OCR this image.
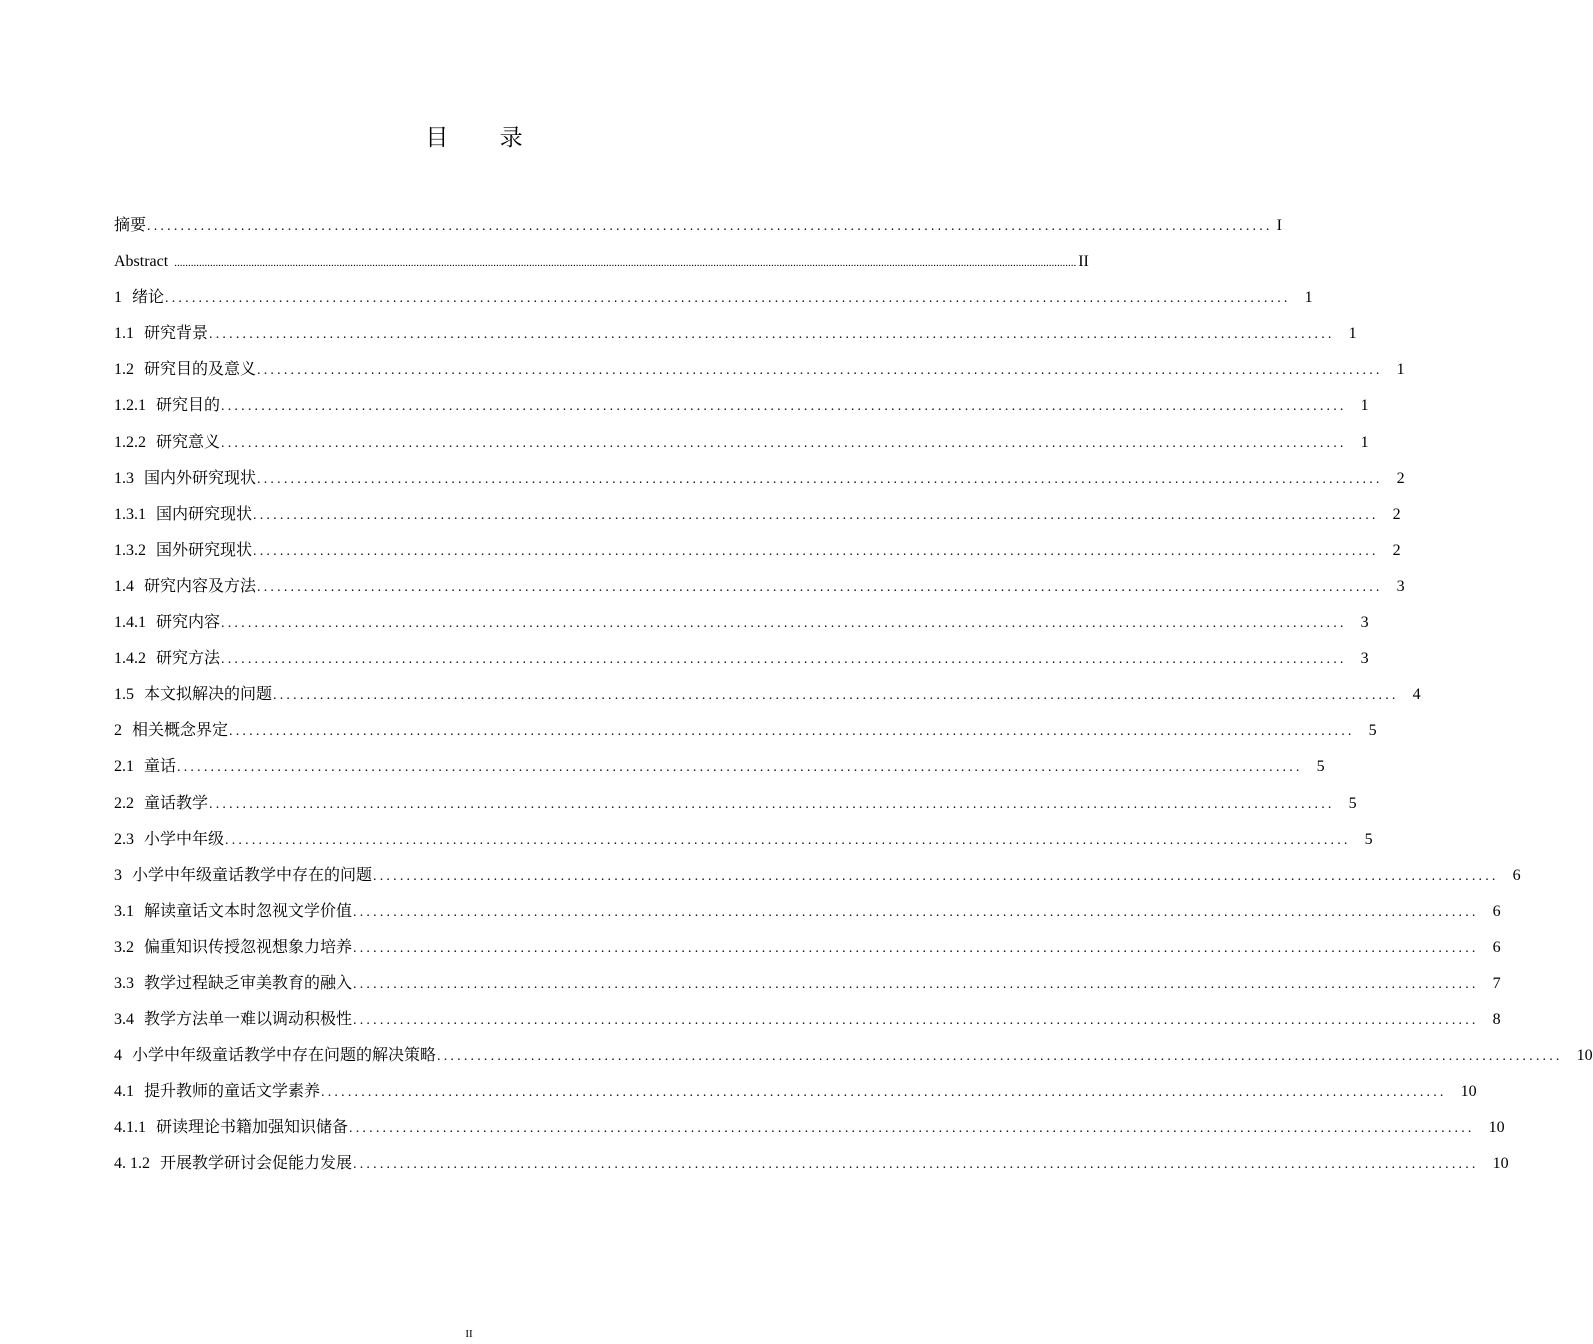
目 录
摘要 ........................................................................................................................................................................ I
Abstract ........................................................................................................................................................................................................................................................................................................................................ II
1 绪论 ........................................................................................................................................................................ 1
1.1 研究背景 ........................................................................................................................................................................ 1
1.2 研究目的及意义 ........................................................................................................................................................................ 1
1.2.1 研究目的 ........................................................................................................................................................................ 1
1.2.2 研究意义 ........................................................................................................................................................................ 1
1.3 国内外研究现状 ........................................................................................................................................................................ 2
1.3.1 国内研究现状 ........................................................................................................................................................................ 2
1.3.2 国外研究现状 ........................................................................................................................................................................ 2
1.4 研究内容及方法 ........................................................................................................................................................................ 3
1.4.1 研究内容 ........................................................................................................................................................................ 3
1.4.2 研究方法 ........................................................................................................................................................................ 3
1.5 本文拟解决的问题 ........................................................................................................................................................................ 4
2 相关概念界定 ........................................................................................................................................................................ 5
2.1 童话 ........................................................................................................................................................................ 5
2.2 童话教学 ........................................................................................................................................................................ 5
2.3 小学中年级 ........................................................................................................................................................................ 5
3 小学中年级童话教学中存在的问题 ........................................................................................................................................................................ 6
3.1 解读童话文本时忽视文学价值 ........................................................................................................................................................................ 6
3.2 偏重知识传授忽视想象力培养 ........................................................................................................................................................................ 6
3.3 教学过程缺乏审美教育的融入 ........................................................................................................................................................................ 7
3.4 教学方法单一难以调动积极性 ........................................................................................................................................................................ 8
4 小学中年级童话教学中存在问题的解决策略 ........................................................................................................................................................................ 10
4.1 提升教师的童话文学素养 ........................................................................................................................................................................ 10
4.1.1 研读理论书籍加强知识储备 ........................................................................................................................................................................ 10
4. 1.2 开展教学研讨会促能力发展 ........................................................................................................................................................................ 10
II
